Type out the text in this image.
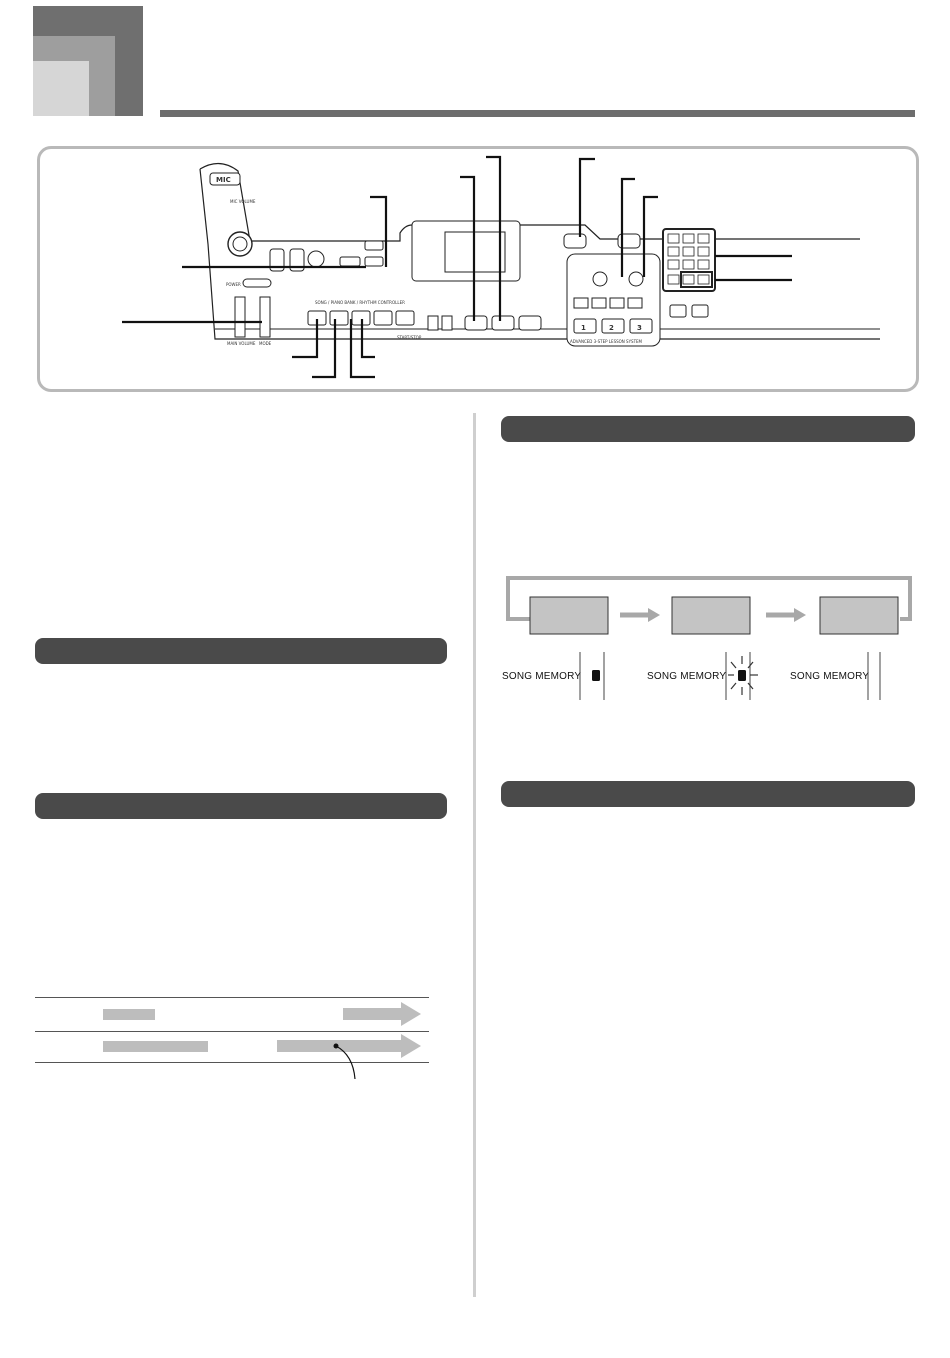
MIC
MIC VOLUME
POWER
MAIN VOLUME MODE
SONG / PIANO BANK / RHYTHM CONTROLLER
START/STOP
1	2	3
ADVANCED 3-STEP LESSON SYSTEM
SONG MEMORY	SONG MEMORY	SONG MEMORY
